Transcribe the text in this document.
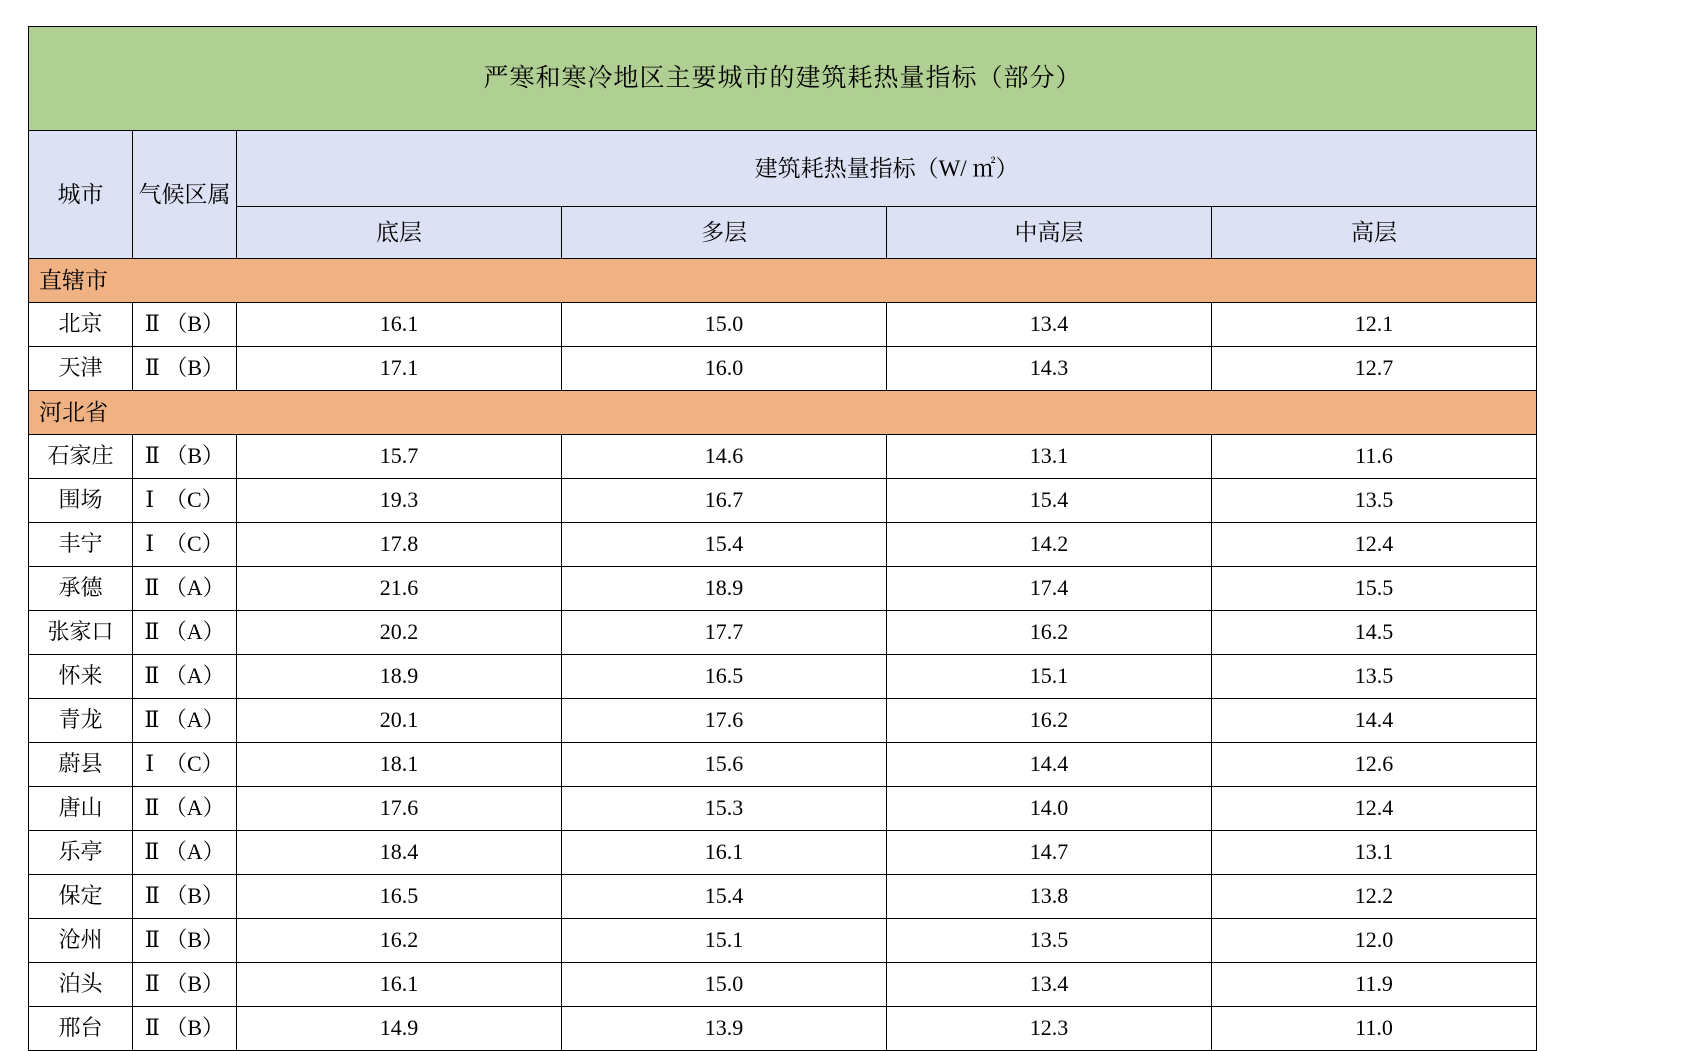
严寒和寒冷地区主要城市的建筑耗热量指标（部分）					
城市	气候区属	建筑耗热量指标（W/ ㎡）			
		底层	多层	中高层	高层
直辖市					
北京	Ⅱ （B）	16.1	15.0	13.4	12.1
天津	Ⅱ （B）	17.1	16.0	14.3	12.7
河北省					
石家庄	Ⅱ （B）	15.7	14.6	13.1	11.6
围场	Ⅰ  （C）	19.3	16.7	15.4	13.5
丰宁	Ⅰ  （C）	17.8	15.4	14.2	12.4
承德	Ⅱ （A）	21.6	18.9	17.4	15.5
张家口	Ⅱ （A）	20.2	17.7	16.2	14.5
怀来	Ⅱ （A）	18.9	16.5	15.1	13.5
青龙	Ⅱ （A）	20.1	17.6	16.2	14.4
蔚县	Ⅰ  （C）	18.1	15.6	14.4	12.6
唐山	Ⅱ （A）	17.6	15.3	14.0	12.4
乐亭	Ⅱ （A）	18.4	16.1	14.7	13.1
保定	Ⅱ （B）	16.5	15.4	13.8	12.2
沧州	Ⅱ （B）	16.2	15.1	13.5	12.0
泊头	Ⅱ （B）	16.1	15.0	13.4	11.9
邢台	Ⅱ （B）	14.9	13.9	12.3	11.0
